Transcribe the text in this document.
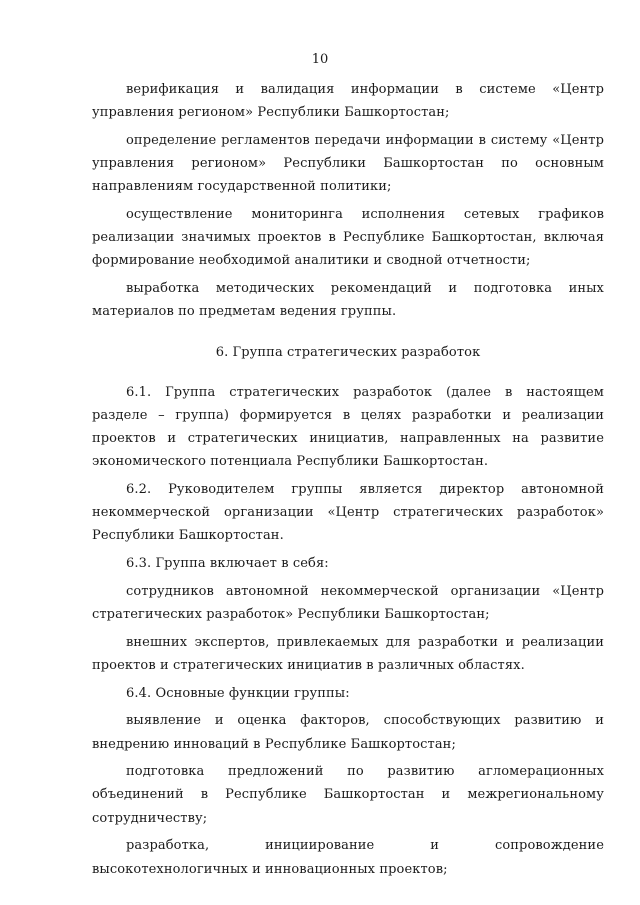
10

верификация и валидация информации в системе «Центр управления регионом» Республики Башкортостан;

определение регламентов передачи информации в систему «Центр управления регионом» Республики Башкортостан по основным направлениям государственной политики;

осуществление мониторинга исполнения сетевых графиков реализации значимых проектов в Республике Башкортостан, включая формирование необходимой аналитики и сводной отчетности;

выработка методических рекомендаций и подготовка иных материалов по предметам ведения группы.

6. Группа стратегических разработок

6.1. Группа стратегических разработок (далее в настоящем разделе – группа) формируется в целях разработки и реализации проектов и стратегических инициатив, направленных на развитие экономического потенциала Республики Башкортостан.

6.2. Руководителем группы является директор автономной некоммерческой организации «Центр стратегических разработок» Республики Башкортостан.

6.3. Группа включает в себя:

сотрудников автономной некоммерческой организации «Центр стратегических разработок» Республики Башкортостан;

внешних экспертов, привлекаемых для разработки и реализации проектов и стратегических инициатив в различных областях.

6.4. Основные функции группы:

выявление и оценка факторов, способствующих развитию и внедрению инноваций в Республике Башкортостан;

подготовка предложений по развитию агломерационных объединений в Республике Башкортостан и межрегиональному сотрудничеству;

разработка, инициирование и сопровождение высокотехнологичных и инновационных проектов;
